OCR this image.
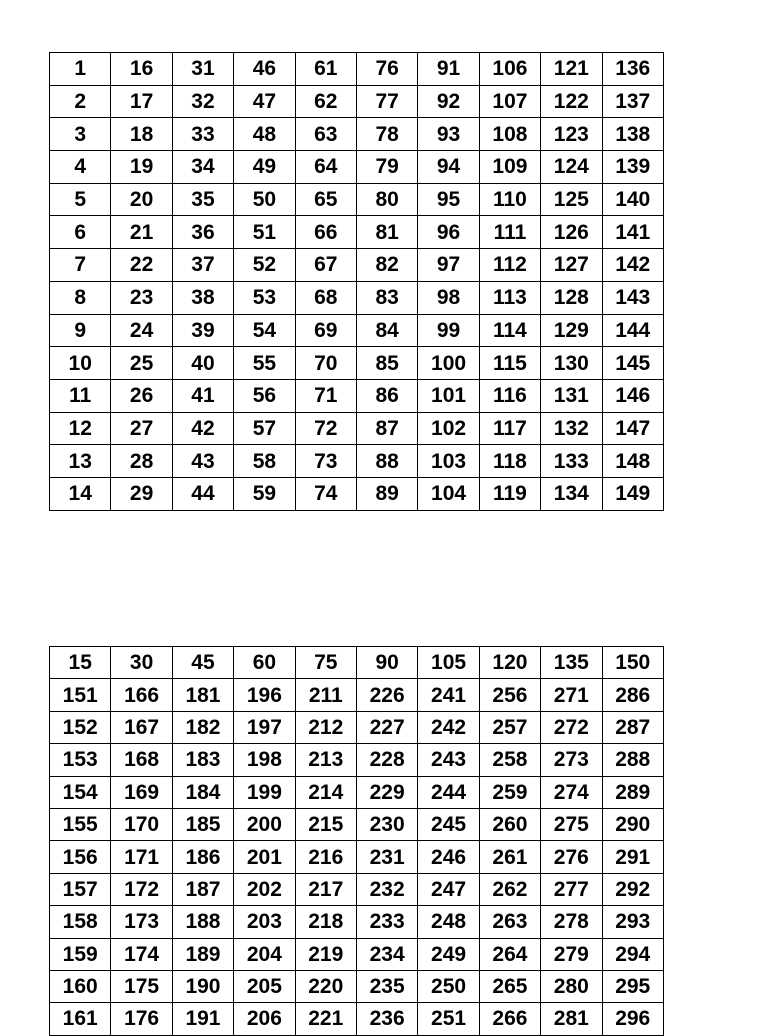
1	16	31	46	61	76	91	106	121	136
2	17	32	47	62	77	92	107	122	137
3	18	33	48	63	78	93	108	123	138
4	19	34	49	64	79	94	109	124	139
5	20	35	50	65	80	95	110	125	140
6	21	36	51	66	81	96	111	126	141
7	22	37	52	67	82	97	112	127	142
8	23	38	53	68	83	98	113	128	143
9	24	39	54	69	84	99	114	129	144
10	25	40	55	70	85	100	115	130	145
11	26	41	56	71	86	101	116	131	146
12	27	42	57	72	87	102	117	132	147
13	28	43	58	73	88	103	118	133	148
14	29	44	59	74	89	104	119	134	149
15	30	45	60	75	90	105	120	135	150
151	166	181	196	211	226	241	256	271	286
152	167	182	197	212	227	242	257	272	287
153	168	183	198	213	228	243	258	273	288
154	169	184	199	214	229	244	259	274	289
155	170	185	200	215	230	245	260	275	290
156	171	186	201	216	231	246	261	276	291
157	172	187	202	217	232	247	262	277	292
158	173	188	203	218	233	248	263	278	293
159	174	189	204	219	234	249	264	279	294
160	175	190	205	220	235	250	265	280	295
161	176	191	206	221	236	251	266	281	296
